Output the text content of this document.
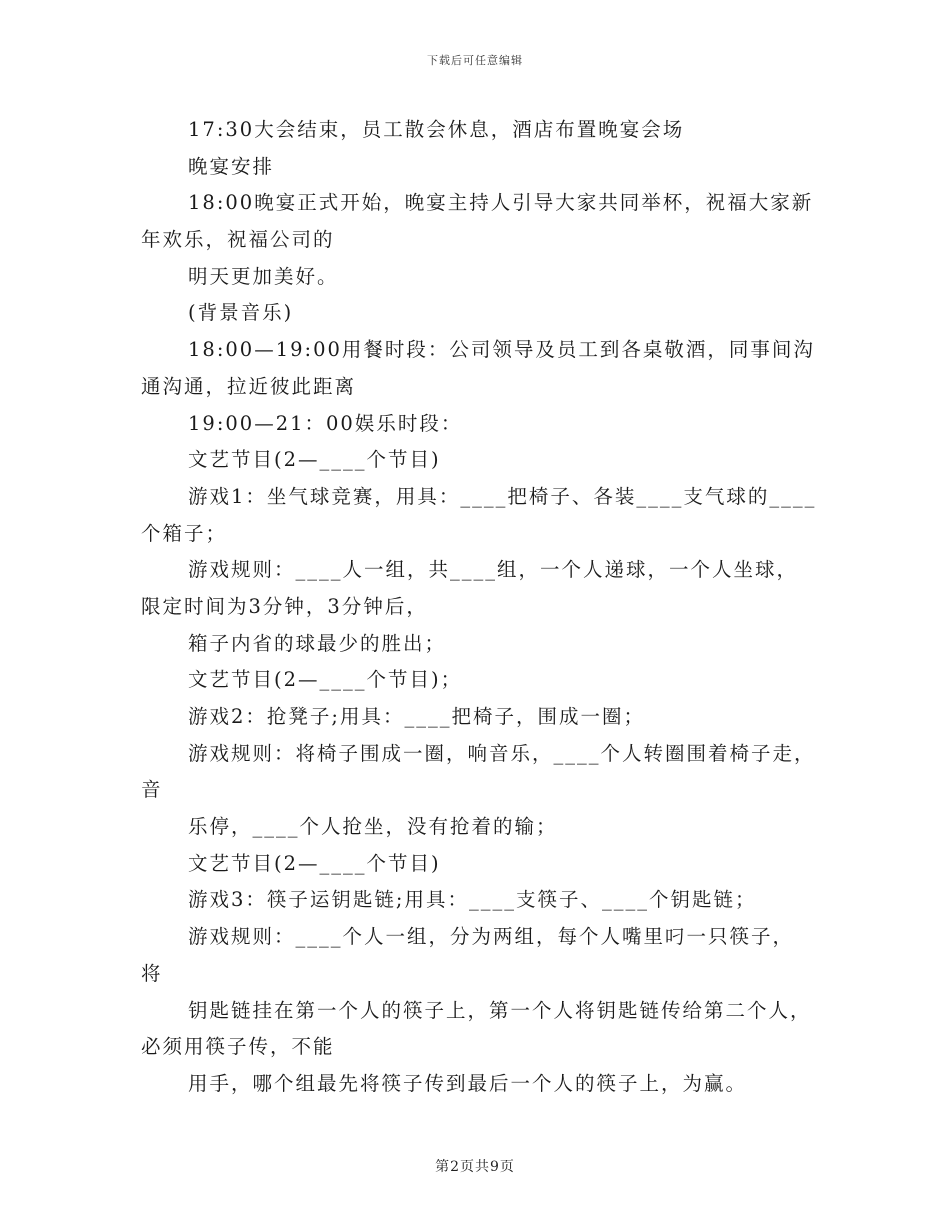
下载后可任意编辑
17:30大会结束，员工散会休息，酒店布置晚宴会场
晚宴安排
18:00晚宴正式开始，晚宴主持人引导大家共同举杯，祝福大家新
年欢乐，祝福公司的
明天更加美好。
(背景音乐)
18:00—19:00用餐时段：公司领导及员工到各桌敬酒，同事间沟
通沟通，拉近彼此距离
19:00—21：00娱乐时段：
文艺节目(2—____个节目)
游戏1：坐气球竞赛，用具：____把椅子、各装____支气球的____
个箱子；
游戏规则：____人一组，共____组，一个人递球，一个人坐球，
限定时间为3分钟，3分钟后，
箱子内省的球最少的胜出；
文艺节目(2—____个节目)；
游戏2：抢凳子;用具：____把椅子，围成一圈；
游戏规则：将椅子围成一圈，响音乐，____个人转圈围着椅子走，
音
乐停，____个人抢坐，没有抢着的输；
文艺节目(2—____个节目)
游戏3：筷子运钥匙链;用具：____支筷子、____个钥匙链；
游戏规则：____个人一组，分为两组，每个人嘴里叼一只筷子，
将
钥匙链挂在第一个人的筷子上，第一个人将钥匙链传给第二个人，
必须用筷子传，不能
用手，哪个组最先将筷子传到最后一个人的筷子上，为赢。
第2页共9页
